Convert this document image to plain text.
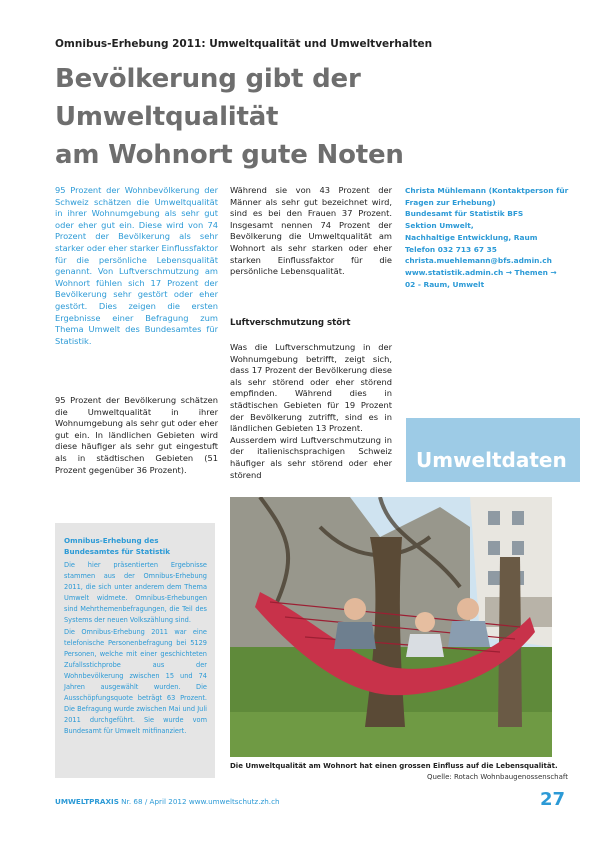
Omnibus-Erhebung 2011: Umweltqualität und Umweltverhalten
Bevölkerung gibt der Umweltqualität
am Wohnort gute Noten
95 Prozent der Wohnbevölkerung der Schweiz schätzen die Umweltqualität in ihrer Wohnumgebung als sehr gut oder eher gut ein. Diese wird von 74 Prozent der Bevölkerung als sehr starker oder eher starker Einflussfaktor für die persönliche Lebensqualität genannt. Von Luftverschmutzung am Wohnort fühlen sich 17 Prozent der Bevölkerung sehr gestört oder eher gestört. Dies zeigen die ersten Ergebnisse einer Befragung zum Thema Umwelt des Bundesamtes für Statistik.
95 Prozent der Bevölkerung schätzen die Umweltqualität in ihrer Wohnumgebung als sehr gut oder eher gut ein. In ländlichen Gebieten wird diese häufiger als sehr gut eingestuft als in städtischen Gebieten (51 Prozent gegenüber 36 Prozent).
Während sie von 43 Prozent der Männer als sehr gut bezeichnet wird, sind es bei den Frauen 37 Prozent. Insgesamt nennen 74 Prozent der Bevölkerung die Umweltqualität am Wohnort als sehr starken oder eher starken Einflussfaktor für die persönliche Lebensqualität.
Luftverschmutzung stört
Was die Luftverschmutzung in der Wohnumgebung betrifft, zeigt sich, dass 17 Prozent der Bevölkerung diese als sehr störend oder eher störend empfinden. Während dies in städtischen Gebieten für 19 Prozent der Bevölkerung zutrifft, sind es in ländlichen Gebieten 13 Prozent.
Ausserdem wird Luftverschmutzung in der italienischsprachigen Schweiz häufiger als sehr störend oder eher störend
Christa Mühlemann (Kontaktperson für
Fragen zur Erhebung)
Bundesamt für Statistik BFS
Sektion Umwelt,
Nachhaltige Entwicklung, Raum
Telefon 032 713 67 35
christa.muehlemann@bfs.admin.ch
www.statistik.admin.ch → Themen →
02 - Raum, Umwelt
Umweltdaten
Omnibus-Erhebung des Bundesamtes für Statistik
Die hier präsentierten Ergebnisse stammen aus der Omnibus-Erhebung 2011, die sich unter anderem dem Thema Umwelt widmete. Omnibus-Erhebungen sind Mehrthemenbefragungen, die Teil des Systems der neuen Volkszählung sind.
Die Omnibus-Erhebung 2011 war eine telefonische Personenbefragung bei 5129 Personen, welche mit einer geschichteten Zufallsstichprobe aus der Wohnbevölkerung zwischen 15 und 74 Jahren ausgewählt wurden. Die Ausschöpfungsquote beträgt 63 Prozent. Die Befragung wurde zwischen Mai und Juli 2011 durchgeführt. Sie wurde vom Bundesamt für Umwelt mitfinanziert.
Die Umweltqualität am Wohnort hat einen grossen Einfluss auf die Lebensqualität.
Quelle: Rotach Wohnbaugenossenschaft
UMWELTPRAXIS Nr. 68 / April 2012 www.umweltschutz.zh.ch	27
